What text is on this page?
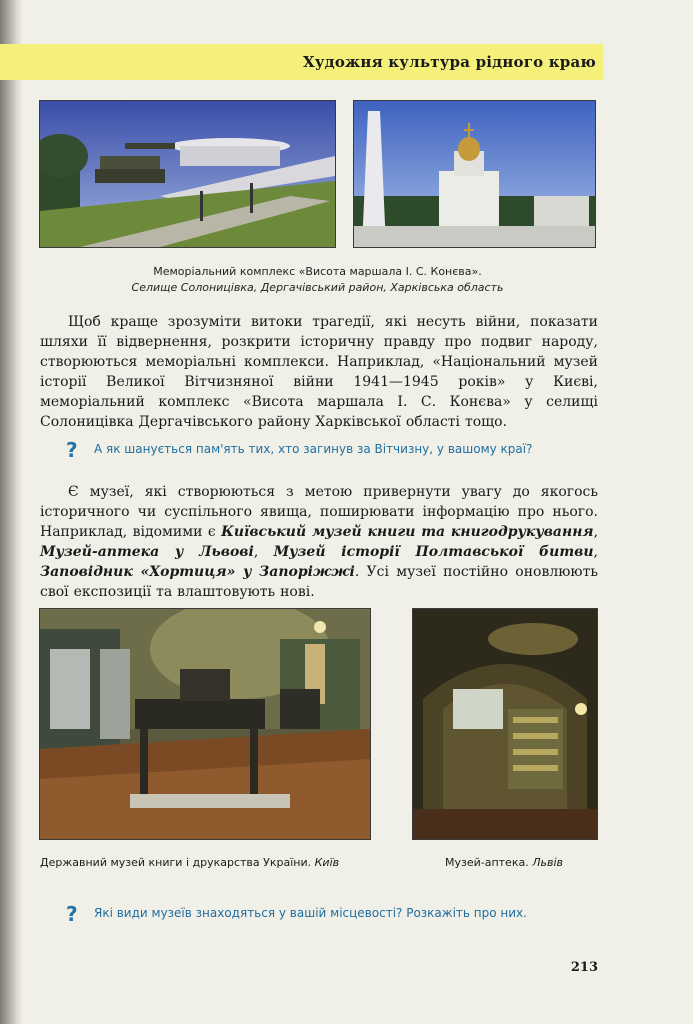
Художня культура рідного краю
Меморіальний комплекс «Висота маршала І. С. Конєва».
Селище Солоницівка, Дергачівський район, Харківська область

Щоб краще зрозуміти витоки трагедії, які несуть війни, показати шляхи її відвернення, розкрити історичну правду про подвиг народу, створюються меморіальні комплекси. Наприклад, «Національний музей історії Великої Вітчизняної війни 1941—1945 років» у Києві, меморіальний комплекс «Висота маршала І. С. Конєва» у селищі Солоницівка Дергачівського району Харківської області тощо.

? А як шанується пам'ять тих, хто загинув за Вітчизну, у вашому краї?

Є музеї, які створюються з метою привернути увагу до якогось історичного чи суспільного явища, поширювати інформацію про нього. Наприклад, відомими є Київський музей книги та книгодрукування, Музей-аптека у Львові, Музей історії Полтавської битви, Заповідник «Хортиця» у Запоріжжі. Усі музеї постійно оновлюють свої експозиції та влаштовують нові.

Державний музей книги і друкарства України. Київ	Музей-аптека. Львів
? Які види музеїв знаходяться у вашій місцевості? Розкажіть про них.
213
